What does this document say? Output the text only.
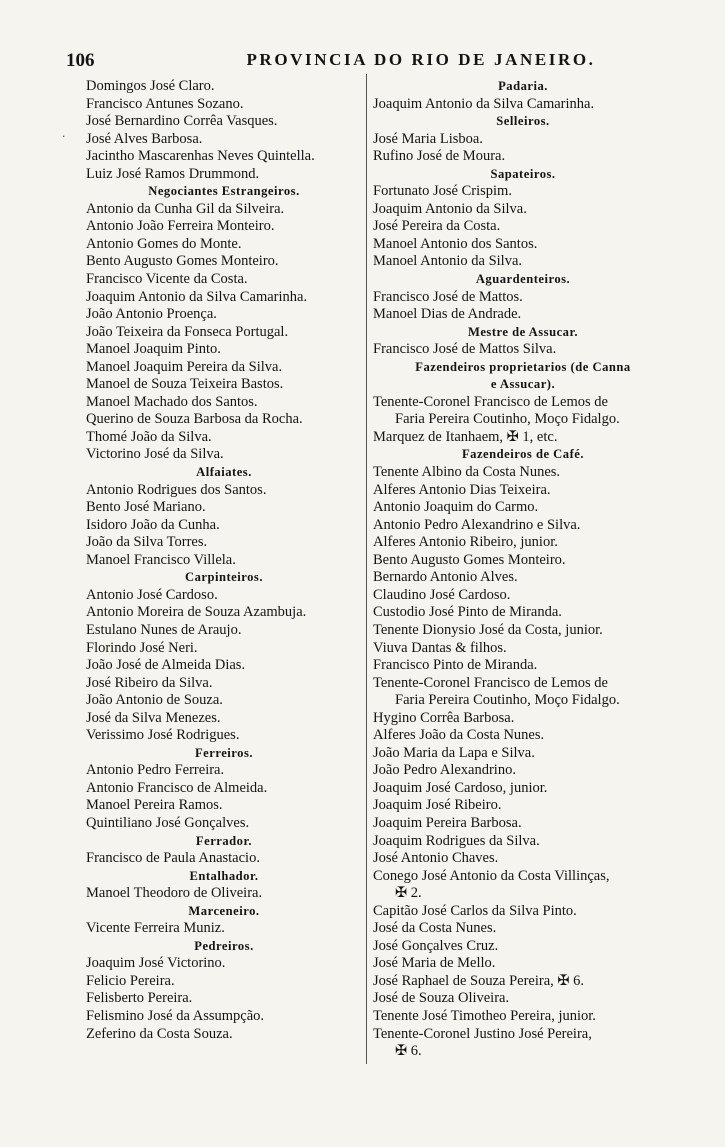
106	PROVINCIA DO RIO DE JANEIRO.
Domingos José Claro.
Francisco Antunes Sozano.
José Bernardino Corrêa Vasques.
José Alves Barbosa.
Jacintho Mascarenhas Neves Quintella.
Luiz José Ramos Drummond.
Negociantes Estrangeiros.
Antonio da Cunha Gil da Silveira.
Antonio João Ferreira Monteiro.
Antonio Gomes do Monte.
Bento Augusto Gomes Monteiro.
Francisco Vicente da Costa.
Joaquim Antonio da Silva Camarinha.
João Antonio Proença.
João Teixeira da Fonseca Portugal.
Manoel Joaquim Pinto.
Manoel Joaquim Pereira da Silva.
Manoel de Souza Teixeira Bastos.
Manoel Machado dos Santos.
Querino de Souza Barbosa da Rocha.
Thomé João da Silva.
Victorino José da Silva.
Alfaiates.
Antonio Rodrigues dos Santos.
Bento José Mariano.
Isidoro João da Cunha.
João da Silva Torres.
Manoel Francisco Villela.
Carpinteiros.
Antonio José Cardoso.
Antonio Moreira de Souza Azambuja.
Estulano Nunes de Araujo.
Florindo José Neri.
João José de Almeida Dias.
José Ribeiro da Silva.
João Antonio de Souza.
José da Silva Menezes.
Verissimo José Rodrigues.
Ferreiros.
Antonio Pedro Ferreira.
Antonio Francisco de Almeida.
Manoel Pereira Ramos.
Quintiliano José Gonçalves.
Ferrador.
Francisco de Paula Anastacio.
Entalhador.
Manoel Theodoro de Oliveira.
Marceneiro.
Vicente Ferreira Muniz.
Pedreiros.
Joaquim José Victorino.
Felicio Pereira.
Felisberto Pereira.
Felismino José da Assumpção.
Zeferino da Costa Souza.
Padaria.
Joaquim Antonio da Silva Camarinha.
Selleiros.
José Maria Lisboa.
Rufino José de Moura.
Sapateiros.
Fortunato José Crispim.
Joaquim Antonio da Silva.
José Pereira da Costa.
Manoel Antonio dos Santos.
Manoel Antonio da Silva.
Aguardenteiros.
Francisco José de Mattos.
Manoel Dias de Andrade.
Mestre de Assucar.
Francisco José de Mattos Silva.
Fazendeiros proprietarios (de Canna
e Assucar).
Tenente-Coronel Francisco de Lemos de
Faria Pereira Coutinho, Moço Fidalgo.
Marquez de Itanhaem, ✠ 1, etc.
Fazendeiros de Café.
Tenente Albino da Costa Nunes.
Alferes Antonio Dias Teixeira.
Antonio Joaquim do Carmo.
Antonio Pedro Alexandrino e Silva.
Alferes Antonio Ribeiro, junior.
Bento Augusto Gomes Monteiro.
Bernardo Antonio Alves.
Claudino José Cardoso.
Custodio José Pinto de Miranda.
Tenente Dionysio José da Costa, junior.
Viuva Dantas & filhos.
Francisco Pinto de Miranda.
Tenente-Coronel Francisco de Lemos de
Faria Pereira Coutinho, Moço Fidalgo.
Hygino Corrêa Barbosa.
Alferes João da Costa Nunes.
João Maria da Lapa e Silva.
João Pedro Alexandrino.
Joaquim José Cardoso, junior.
Joaquim José Ribeiro.
Joaquim Pereira Barbosa.
Joaquim Rodrigues da Silva.
José Antonio Chaves.
Conego José Antonio da Costa Villinças,
✠ 2.
Capitão José Carlos da Silva Pinto.
José da Costa Nunes.
José Gonçalves Cruz.
José Maria de Mello.
José Raphael de Souza Pereira, ✠ 6.
José de Souza Oliveira.
Tenente José Timotheo Pereira, junior.
Tenente-Coronel Justino José Pereira,
✠ 6.
·
